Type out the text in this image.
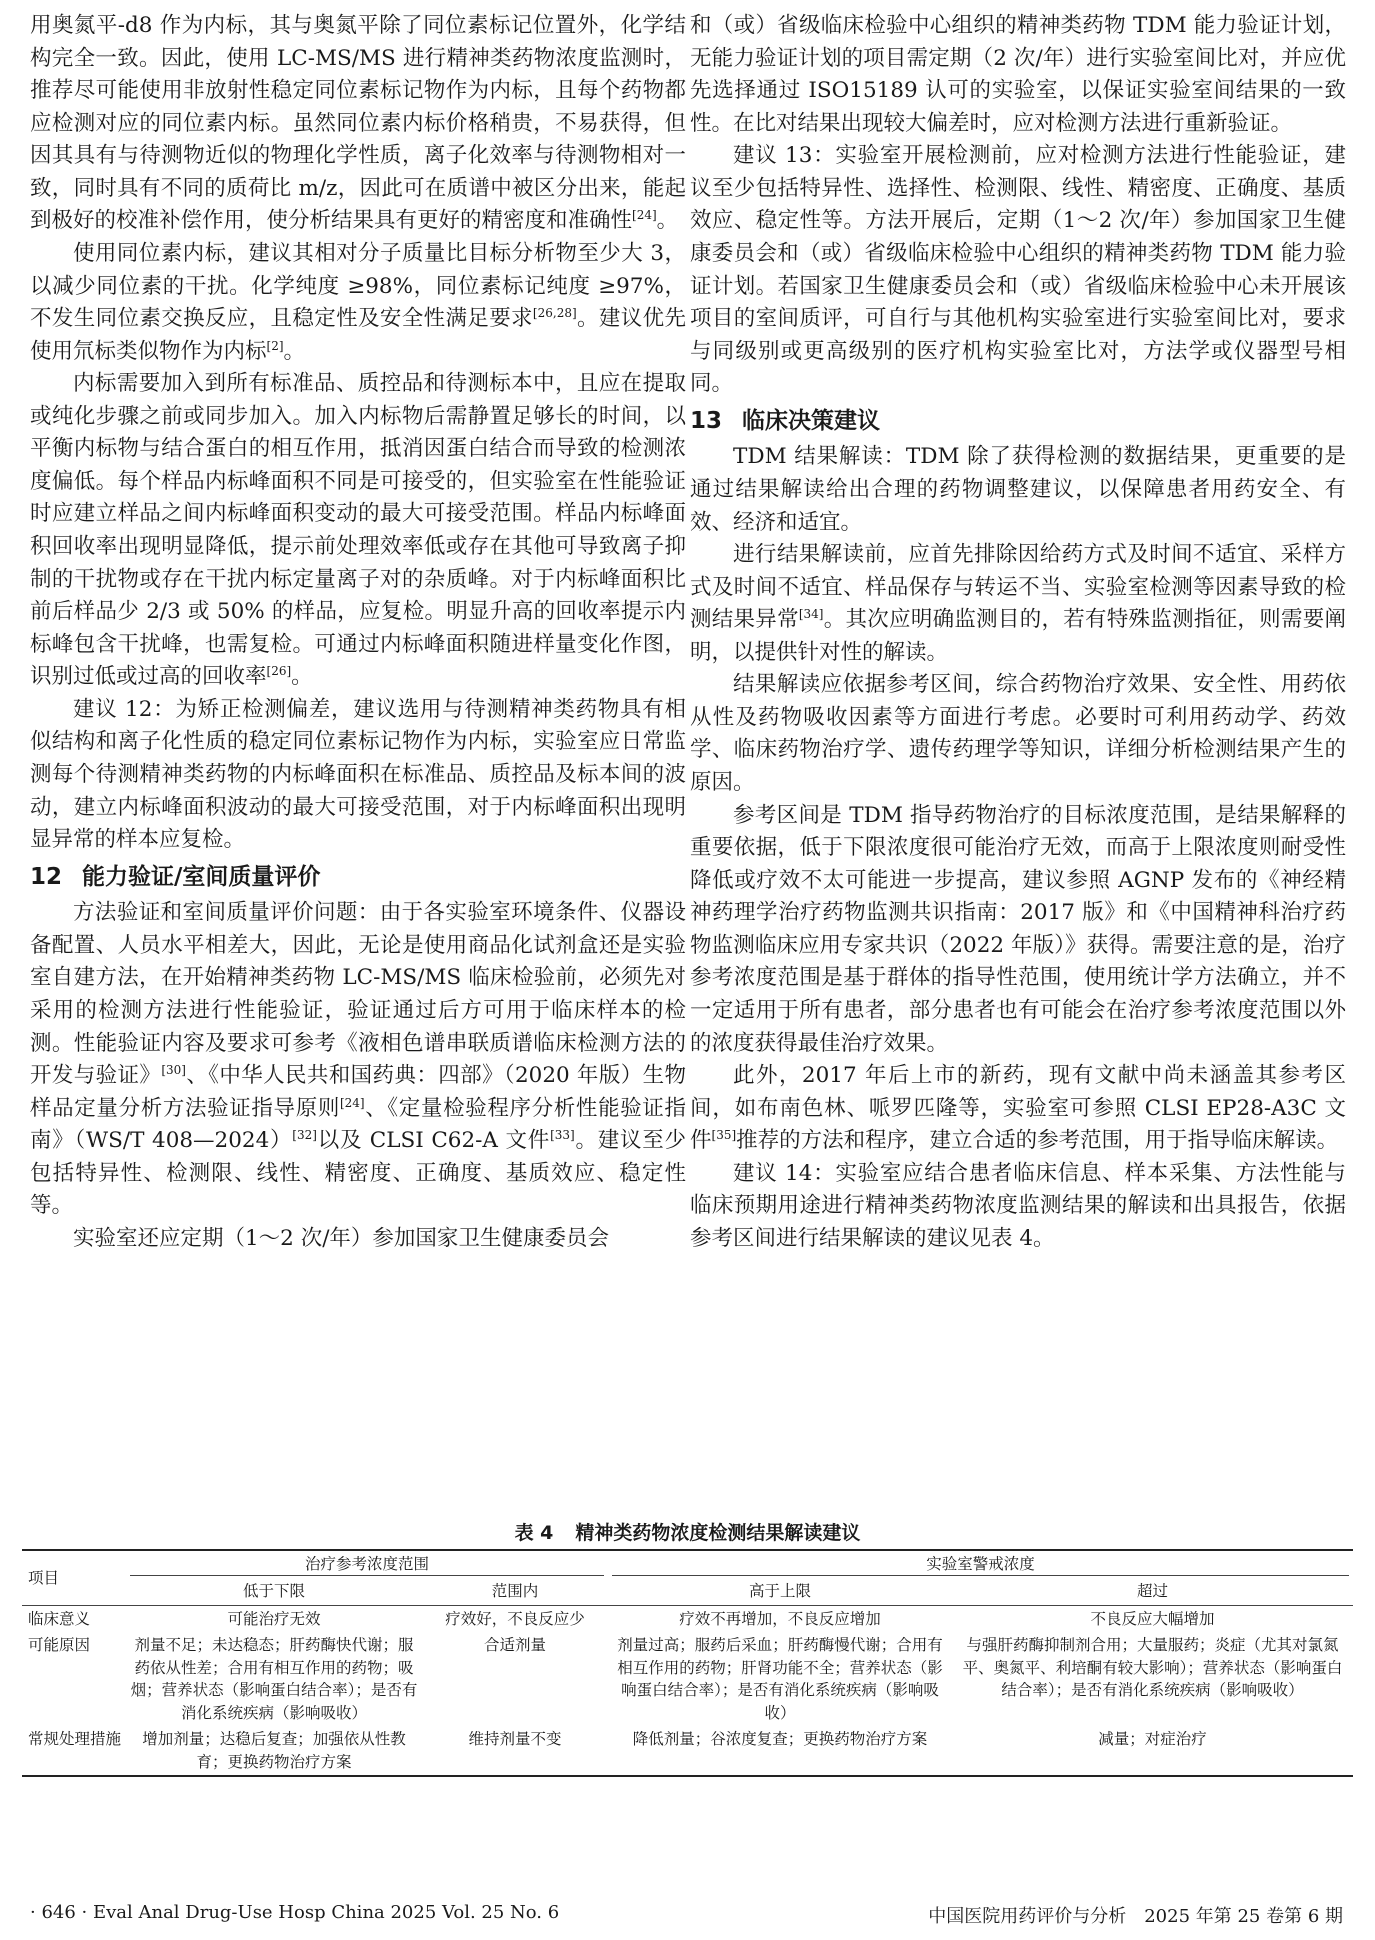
用奥氮平-d8 作为内标，其与奥氮平除了同位素标记位置外，化学结构完全一致。因此，使用 LC-MS/MS 进行精神类药物浓度监测时，推荐尽可能使用非放射性稳定同位素标记物作为内标，且每个药物都应检测对应的同位素内标。虽然同位素内标价格稍贵，不易获得，但因其具有与待测物近似的物理化学性质，离子化效率与待测物相对一致，同时具有不同的质荷比 m/z，因此可在质谱中被区分出来，能起到极好的校准补偿作用，使分析结果具有更好的精密度和准确性[24]。

使用同位素内标，建议其相对分子质量比目标分析物至少大 3，以减少同位素的干扰。化学纯度 ≥98%，同位素标记纯度 ≥97%，不发生同位素交换反应，且稳定性及安全性满足要求[26,28]。建议优先使用氘标类似物作为内标[2]。

内标需要加入到所有标准品、质控品和待测标本中，且应在提取或纯化步骤之前或同步加入。加入内标物后需静置足够长的时间，以平衡内标物与结合蛋白的相互作用，抵消因蛋白结合而导致的检测浓度偏低。每个样品内标峰面积不同是可接受的，但实验室在性能验证时应建立样品之间内标峰面积变动的最大可接受范围。样品内标峰面积回收率出现明显降低，提示前处理效率低或存在其他可导致离子抑制的干扰物或存在干扰内标定量离子对的杂质峰。对于内标峰面积比前后样品少 2/3 或 50% 的样品，应复检。明显升高的回收率提示内标峰包含干扰峰，也需复检。可通过内标峰面积随进样量变化作图，识别过低或过高的回收率[26]。

建议 12：为矫正检测偏差，建议选用与待测精神类药物具有相似结构和离子化性质的稳定同位素标记物作为内标，实验室应日常监测每个待测精神类药物的内标峰面积在标准品、质控品及标本间的波动，建立内标峰面积波动的最大可接受范围，对于内标峰面积出现明显异常的样本应复检。

12 能力验证/室间质量评价

方法验证和室间质量评价问题：由于各实验室环境条件、仪器设备配置、人员水平相差大，因此，无论是使用商品化试剂盒还是实验室自建方法，在开始精神类药物 LC-MS/MS 临床检验前，必须先对采用的检测方法进行性能验证，验证通过后方可用于临床样本的检测。性能验证内容及要求可参考《液相色谱串联质谱临床检测方法的开发与验证》[30]、《中华人民共和国药典：四部》（2020 年版）生物样品定量分析方法验证指导原则[24]、《定量检验程序分析性能验证指南》（WS/T 408—2024）[32]以及 CLSI C62-A 文件[33]。建议至少包括特异性、检测限、线性、精密度、正确度、基质效应、稳定性等。

实验室还应定期（1～2 次/年）参加国家卫生健康委员会

和（或）省级临床检验中心组织的精神类药物 TDM 能力验证计划，无能力验证计划的项目需定期（2 次/年）进行实验室间比对，并应优先选择通过 ISO15189 认可的实验室，以保证实验室间结果的一致性。在比对结果出现较大偏差时，应对检测方法进行重新验证。

建议 13：实验室开展检测前，应对检测方法进行性能验证，建议至少包括特异性、选择性、检测限、线性、精密度、正确度、基质效应、稳定性等。方法开展后，定期（1～2 次/年）参加国家卫生健康委员会和（或）省级临床检验中心组织的精神类药物 TDM 能力验证计划。若国家卫生健康委员会和（或）省级临床检验中心未开展该项目的室间质评，可自行与其他机构实验室进行实验室间比对，要求与同级别或更高级别的医疗机构实验室比对，方法学或仪器型号相同。

13 临床决策建议

TDM 结果解读：TDM 除了获得检测的数据结果，更重要的是通过结果解读给出合理的药物调整建议，以保障患者用药安全、有效、经济和适宜。

进行结果解读前，应首先排除因给药方式及时间不适宜、采样方式及时间不适宜、样品保存与转运不当、实验室检测等因素导致的检测结果异常[34]。其次应明确监测目的，若有特殊监测指征，则需要阐明，以提供针对性的解读。

结果解读应依据参考区间，综合药物治疗效果、安全性、用药依从性及药物吸收因素等方面进行考虑。必要时可利用药动学、药效学、临床药物治疗学、遗传药理学等知识，详细分析检测结果产生的原因。

参考区间是 TDM 指导药物治疗的目标浓度范围，是结果解释的重要依据，低于下限浓度很可能治疗无效，而高于上限浓度则耐受性降低或疗效不太可能进一步提高，建议参照 AGNP 发布的《神经精神药理学治疗药物监测共识指南：2017 版》和《中国精神科治疗药物监测临床应用专家共识（2022 年版）》获得。需要注意的是，治疗参考浓度范围是基于群体的指导性范围，使用统计学方法确立，并不一定适用于所有患者，部分患者也有可能会在治疗参考浓度范围以外的浓度获得最佳治疗效果。

此外，2017 年后上市的新药，现有文献中尚未涵盖其参考区间，如布南色林、哌罗匹隆等，实验室可参照 CLSI EP28-A3C 文件[35]推荐的方法和程序，建立合适的参考范围，用于指导临床解读。

建议 14：实验室应结合患者临床信息、样本采集、方法性能与临床预期用途进行精神类药物浓度监测结果的解读和出具报告，依据参考区间进行结果解读的建议见表 4。

表 4 精神类药物浓度检测结果解读建议
项目	治疗参考浓度范围		实验室警戒浓度	

	低于下限	范围内	高于上限	超过
临床意义	可能治疗无效	疗效好，不良反应少	疗效不再增加，不良反应增加	不良反应大幅增加
可能原因	剂量不足；未达稳态；肝药酶快代谢；服药依从性差；合用有相互作用的药物；吸烟；营养状态（影响蛋白结合率）；是否有消化系统疾病（影响吸收）	合适剂量	剂量过高；服药后采血；肝药酶慢代谢；合用有相互作用的药物；肝肾功能不全；营养状态（影响蛋白结合率）；是否有消化系统疾病（影响吸收）	与强肝药酶抑制剂合用；大量服药；炎症（尤其对氯氮平、奥氮平、利培酮有较大影响）；营养状态（影响蛋白结合率）；是否有消化系统疾病（影响吸收）
常规处理措施	增加剂量；达稳后复查；加强依从性教育；更换药物治疗方案	维持剂量不变	降低剂量；谷浓度复查；更换药物治疗方案	减量；对症治疗
· 646 · Eval Anal Drug-Use Hosp China 2025 Vol. 25 No. 6	中国医院用药评价与分析　2025 年第 25 卷第 6 期
